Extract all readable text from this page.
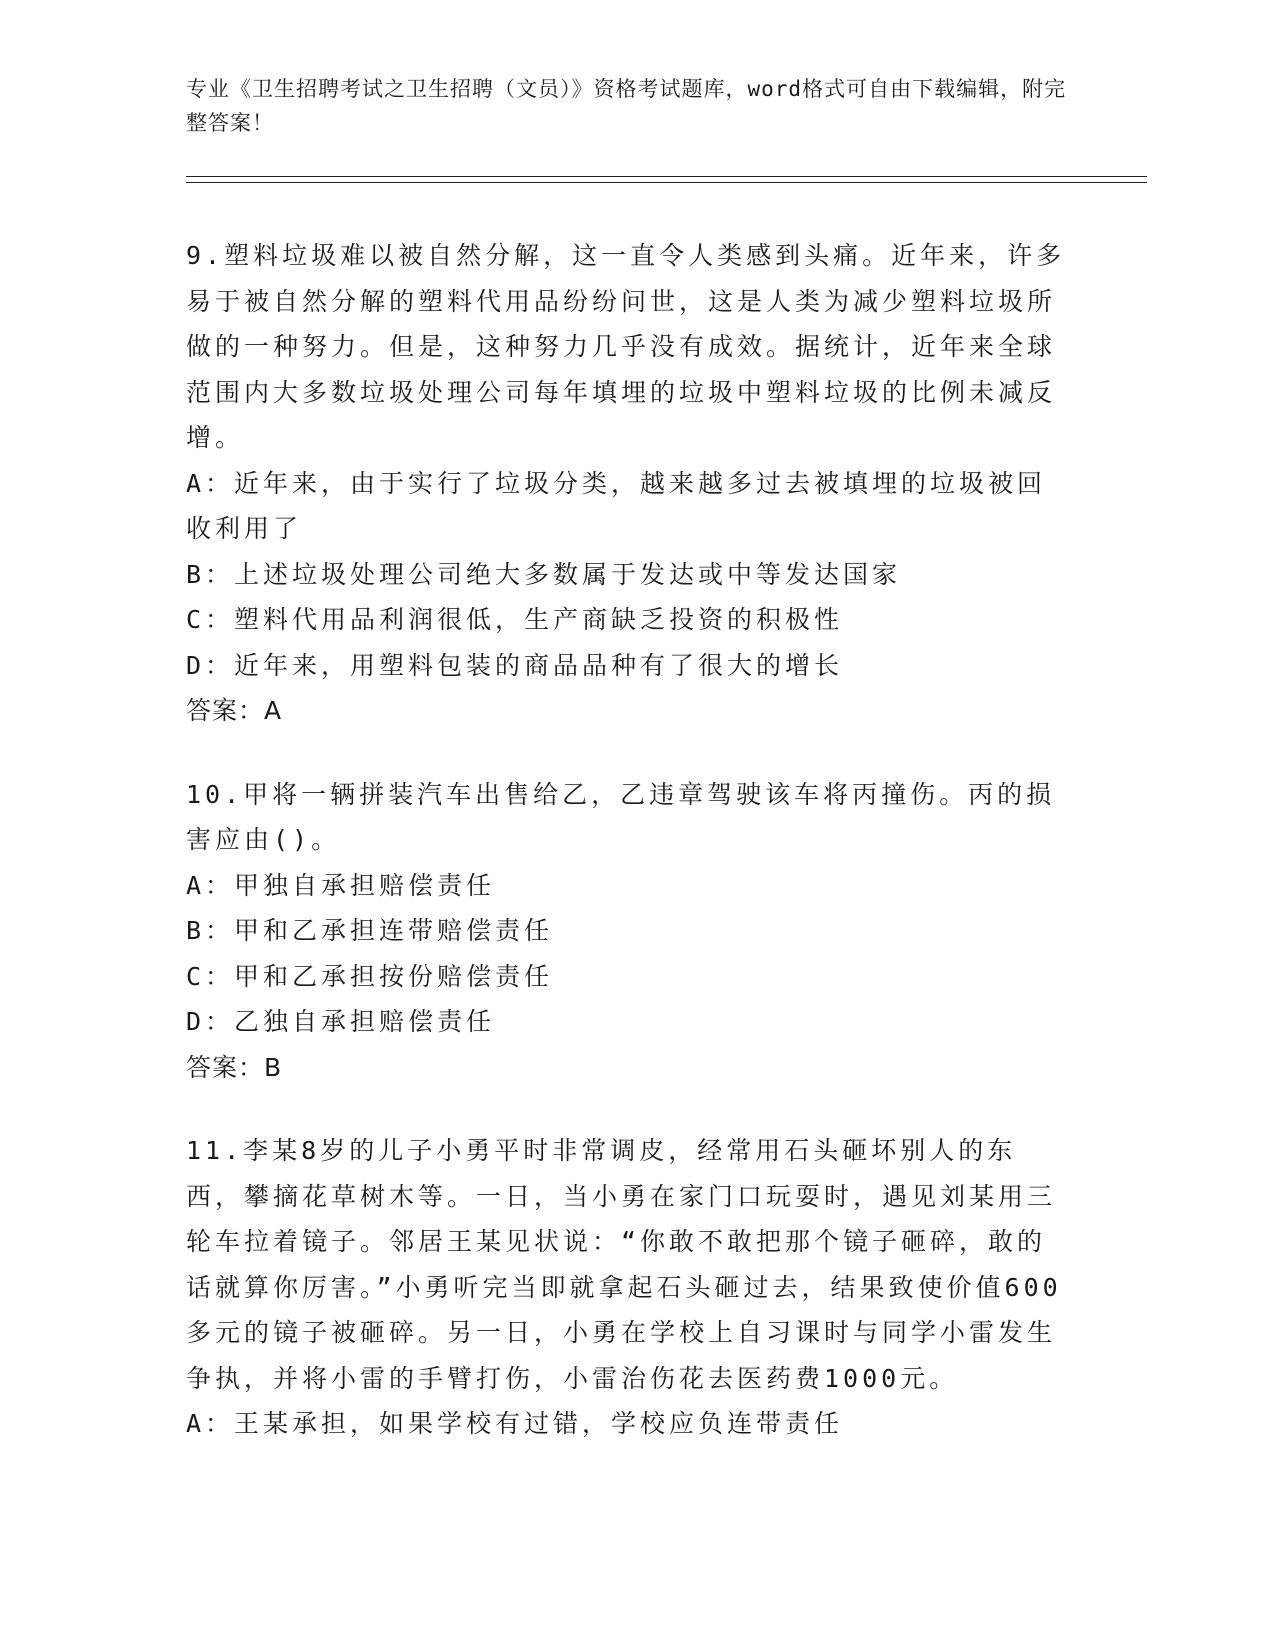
专业《卫生招聘考试之卫生招聘（文员）》资格考试题库，word格式可自由下载编辑，附完整答案！

9.塑料垃圾难以被自然分解，这一直令人类感到头痛。近年来，许多易于被自然分解的塑料代用品纷纷问世，这是人类为减少塑料垃圾所做的一种努力。但是，这种努力几乎没有成效。据统计，近年来全球范围内大多数垃圾处理公司每年填埋的垃圾中塑料垃圾的比例未减反增。

A：近年来，由于实行了垃圾分类，越来越多过去被填埋的垃圾被回收利用了

B：上述垃圾处理公司绝大多数属于发达或中等发达国家

C：塑料代用品利润很低，生产商缺乏投资的积极性

D：近年来，用塑料包装的商品品种有了很大的增长

答案：A

10.甲将一辆拼装汽车出售给乙，乙违章驾驶该车将丙撞伤。丙的损害应由()。

A：甲独自承担赔偿责任

B：甲和乙承担连带赔偿责任

C：甲和乙承担按份赔偿责任

D：乙独自承担赔偿责任

答案：B

11.李某8岁的儿子小勇平时非常调皮，经常用石头砸坏别人的东西，攀摘花草树木等。一日，当小勇在家门口玩耍时，遇见刘某用三轮车拉着镜子。邻居王某见状说：“你敢不敢把那个镜子砸碎，敢的话就算你厉害。”小勇听完当即就拿起石头砸过去，结果致使价值600多元的镜子被砸碎。另一日，小勇在学校上自习课时与同学小雷发生争执，并将小雷的手臂打伤，小雷治伤花去医药费1000元。

A：王某承担，如果学校有过错，学校应负连带责任
